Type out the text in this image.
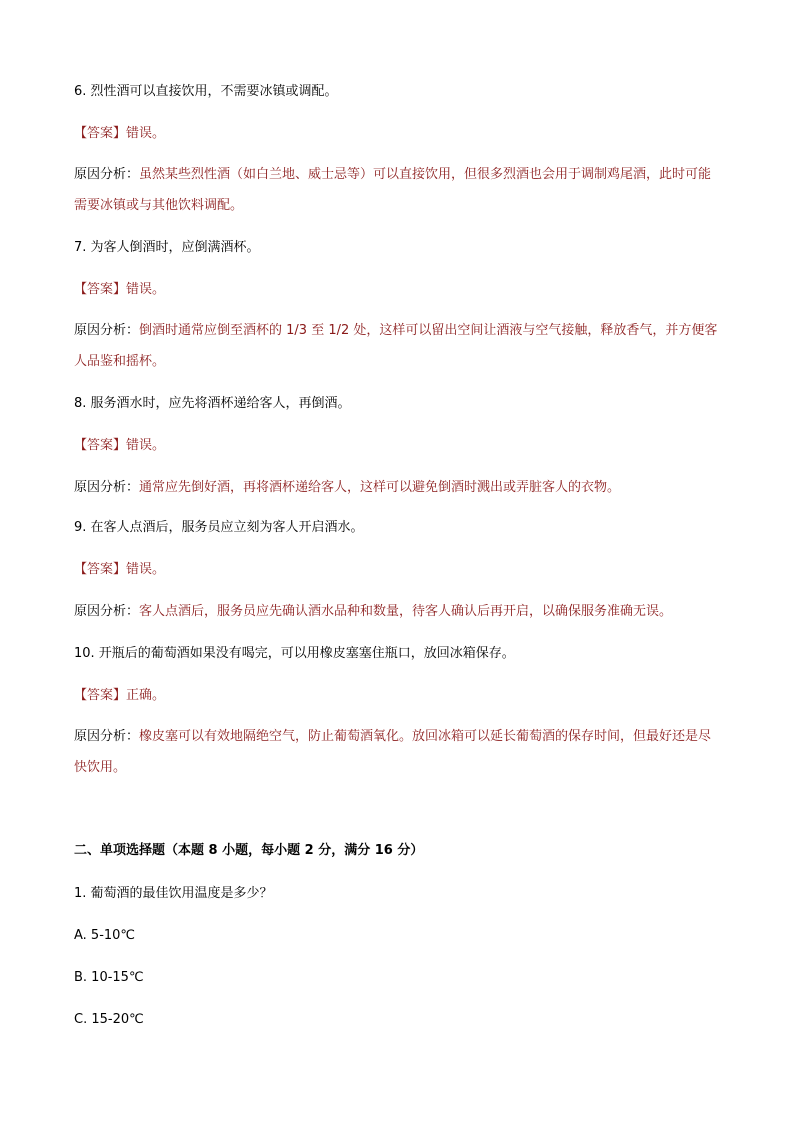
6. 烈性酒可以直接饮用，不需要冰镇或调配。
【答案】错误。
原因分析：虽然某些烈性酒（如白兰地、威士忌等）可以直接饮用，但很多烈酒也会用于调制鸡尾酒，此时可能需要冰镇或与其他饮料调配。
7. 为客人倒酒时，应倒满酒杯。
【答案】错误。
原因分析：倒酒时通常应倒至酒杯的 1/3 至 1/2 处，这样可以留出空间让酒液与空气接触，释放香气，并方便客人品鉴和摇杯。
8. 服务酒水时，应先将酒杯递给客人，再倒酒。
【答案】错误。
原因分析：通常应先倒好酒，再将酒杯递给客人，这样可以避免倒酒时溅出或弄脏客人的衣物。
9. 在客人点酒后，服务员应立刻为客人开启酒水。
【答案】错误。
原因分析：客人点酒后，服务员应先确认酒水品种和数量，待客人确认后再开启，以确保服务准确无误。
10. 开瓶后的葡萄酒如果没有喝完，可以用橡皮塞塞住瓶口，放回冰箱保存。
【答案】正确。
原因分析：橡皮塞可以有效地隔绝空气，防止葡萄酒氧化。放回冰箱可以延长葡萄酒的保存时间，但最好还是尽快饮用。
二、单项选择题（本题 8 小题，每小题 2 分，满分 16 分）
1. 葡萄酒的最佳饮用温度是多少？
A. 5-10℃
B. 10-15℃
C. 15-20℃
